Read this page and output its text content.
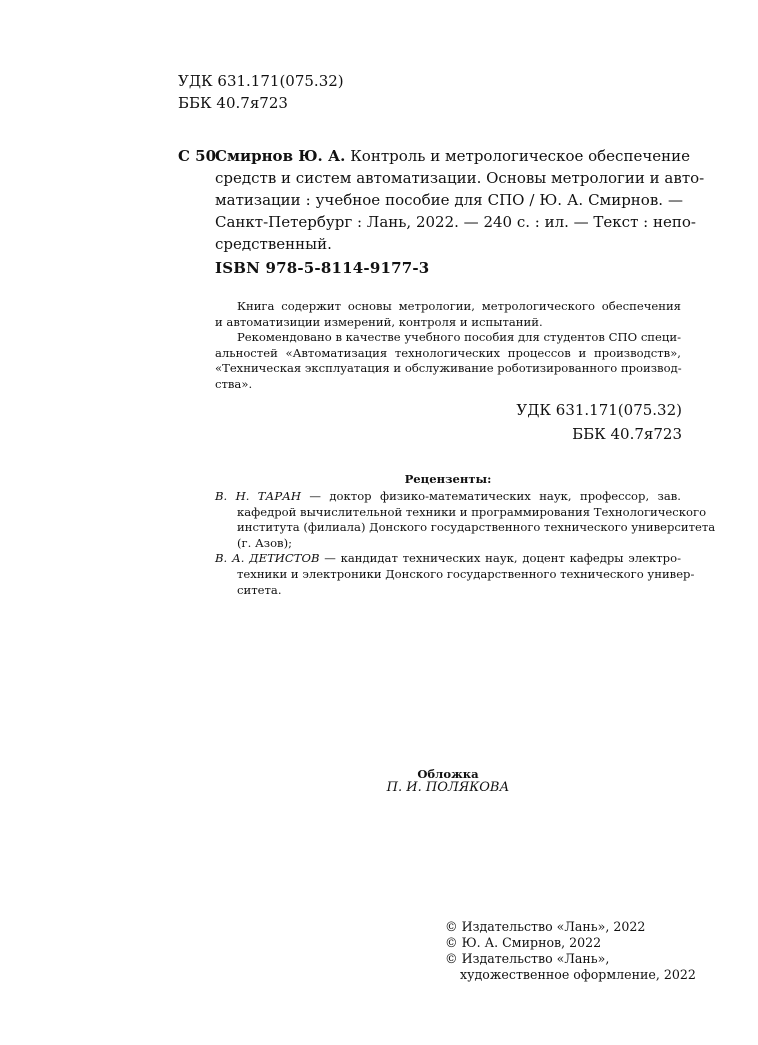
УДК 631.171(075.32)
ББК 40.7я723
С 50
Смирнов Ю. А. Контроль и метрологическое обеспечение
средств и систем автоматизации. Основы метрологии и авто-
матизации : учебное пособие для СПО / Ю. А. Смирнов. —
Санкт-Петербург : Лань, 2022. — 240 с. : ил. — Текст : непо-
средственный.
ISBN 978-5-8114-9177-3
Книга содержит основы метрологии, метрологического обеспечения
и автоматизиции измерений, контроля и испытаний.
Рекомендовано в качестве учебного пособия для студентов СПО специ-
альностей «Автоматизация технологических процессов и производств»,
«Техническая эксплуатация и обслуживание роботизированного производ-
ства».
УДК 631.171(075.32)
ББК 40.7я723
Рецензенты:
В. Н. ТАРАН — доктор физико-математических наук, профессор, зав.
кафедрой вычислительной техники и программирования Технологического
института (филиала) Донского государственного технического университета
(г. Азов);
В. А. ДЕТИСТОВ — кандидат технических наук, доцент кафедры электро-
техники и электроники Донского государственного технического универ-
ситета.
Обложка
П. И. ПОЛЯКОВА
© Издательство «Лань», 2022
© Ю. А. Смирнов, 2022
© Издательство «Лань»,
художественное оформление, 2022
